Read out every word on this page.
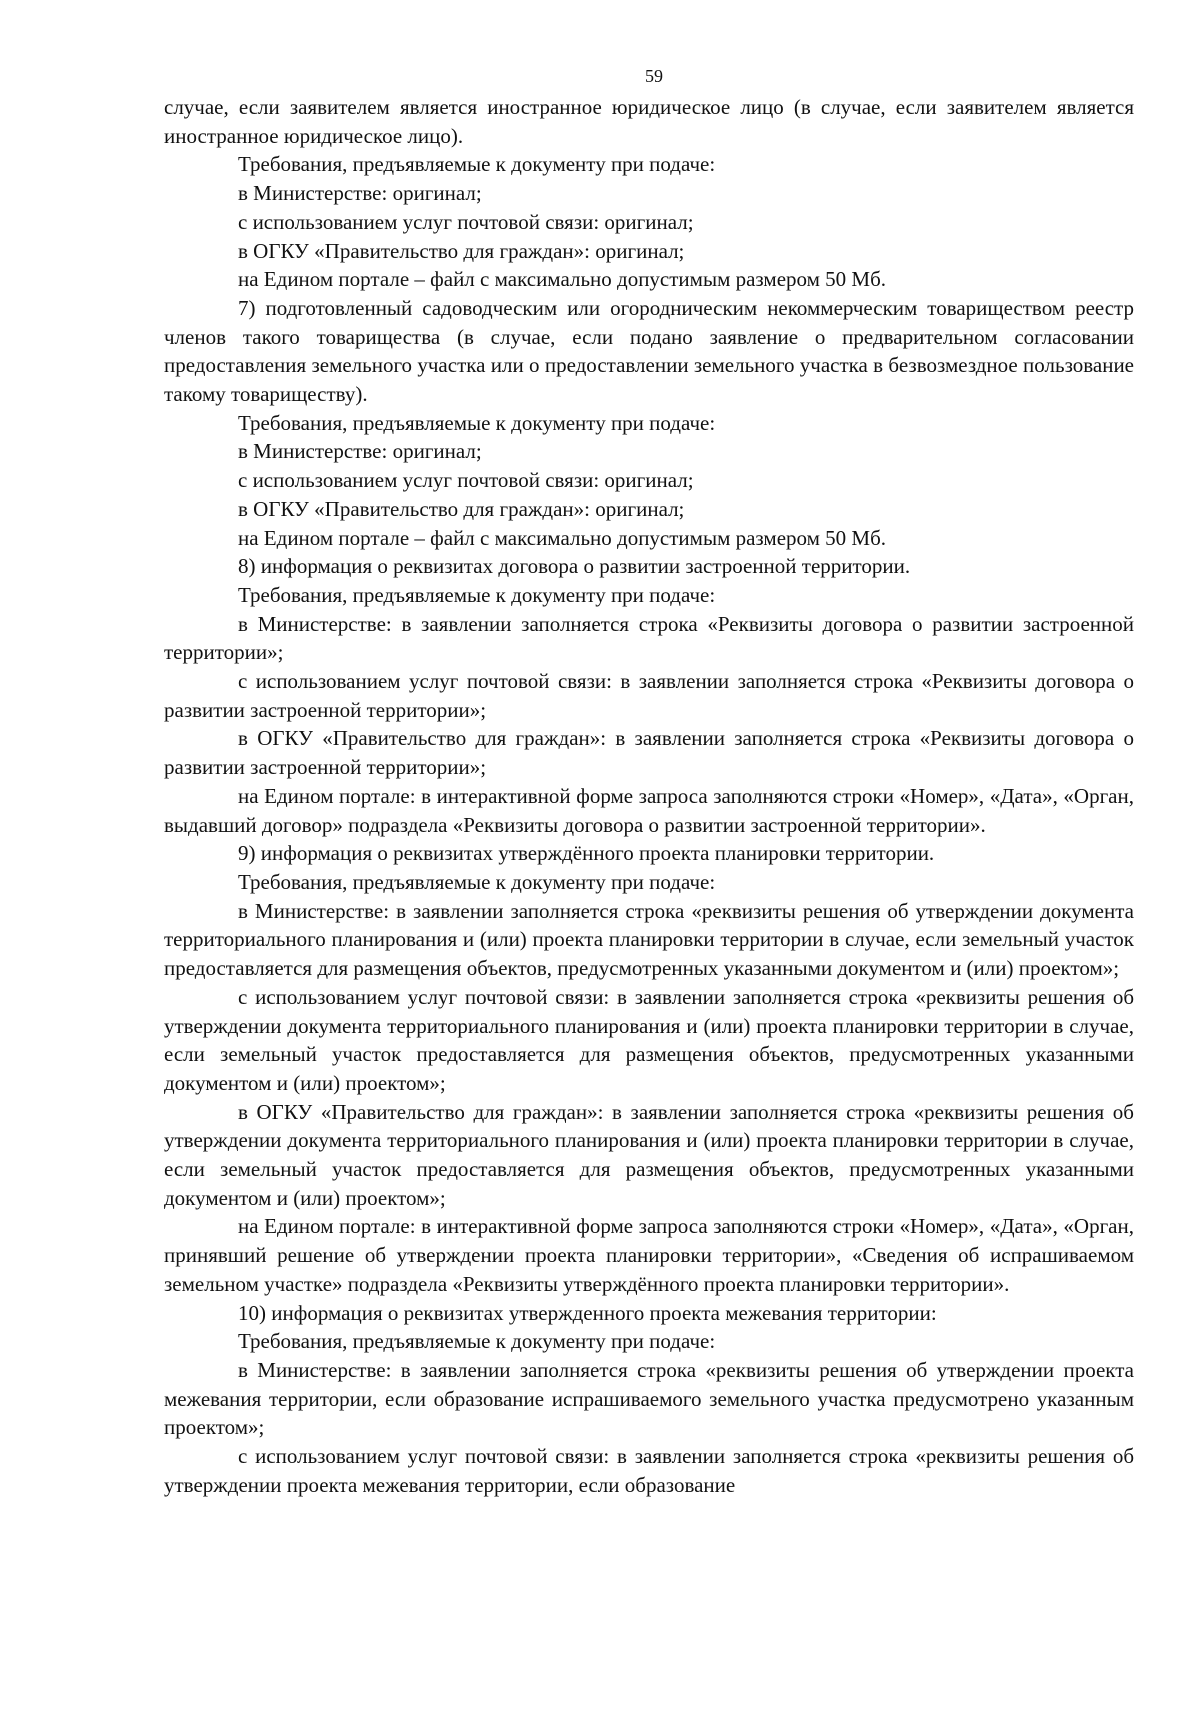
59

случае, если заявителем является иностранное юридическое лицо (в случае, если заявителем является иностранное юридическое лицо).

Требования, предъявляемые к документу при подаче:

в Министерстве: оригинал;

с использованием услуг почтовой связи: оригинал;

в ОГКУ «Правительство для граждан»: оригинал;

на Едином портале – файл с максимально допустимым размером 50 Мб.

7) подготовленный садоводческим или огородническим некоммерческим товариществом реестр членов такого товарищества (в случае, если подано заявление о предварительном согласовании предоставления земельного участка или о предоставлении земельного участка в безвозмездное пользование такому товариществу).

Требования, предъявляемые к документу при подаче:

в Министерстве: оригинал;

с использованием услуг почтовой связи: оригинал;

в ОГКУ «Правительство для граждан»: оригинал;

на Едином портале – файл с максимально допустимым размером 50 Мб.

8) информация о реквизитах договора о развитии застроенной территории.

Требования, предъявляемые к документу при подаче:

в Министерстве: в заявлении заполняется строка «Реквизиты договора о развитии застроенной территории»;

с использованием услуг почтовой связи: в заявлении заполняется строка «Реквизиты договора о развитии застроенной территории»;

в ОГКУ «Правительство для граждан»: в заявлении заполняется строка «Реквизиты договора о развитии застроенной территории»;

на Едином портале: в интерактивной форме запроса заполняются строки «Номер», «Дата», «Орган, выдавший договор» подраздела «Реквизиты договора о развитии застроенной территории».

9) информация о реквизитах утверждённого проекта планировки территории.

Требования, предъявляемые к документу при подаче:

в Министерстве: в заявлении заполняется строка «реквизиты решения об утверждении документа территориального планирования и (или) проекта планировки территории в случае, если земельный участок предоставляется для размещения объектов, предусмотренных указанными документом и (или) проектом»;

с использованием услуг почтовой связи: в заявлении заполняется строка «реквизиты решения об утверждении документа территориального планирования и (или) проекта планировки территории в случае, если земельный участок предоставляется для размещения объектов, предусмотренных указанными документом и (или) проектом»;

в ОГКУ «Правительство для граждан»: в заявлении заполняется строка «реквизиты решения об утверждении документа территориального планирования и (или) проекта планировки территории в случае, если земельный участок предоставляется для размещения объектов, предусмотренных указанными документом и (или) проектом»;

на Едином портале: в интерактивной форме запроса заполняются строки «Номер», «Дата», «Орган, принявший решение об утверждении проекта планировки территории», «Сведения об испрашиваемом земельном участке» подраздела «Реквизиты утверждённого проекта планировки территории».

10) информация о реквизитах утвержденного проекта межевания территории:

Требования, предъявляемые к документу при подаче:

в Министерстве: в заявлении заполняется строка «реквизиты решения об утверждении проекта межевания территории, если образование испрашиваемого земельного участка предусмотрено указанным проектом»;

с использованием услуг почтовой связи: в заявлении заполняется строка «реквизиты решения об утверждении проекта межевания территории, если образование
